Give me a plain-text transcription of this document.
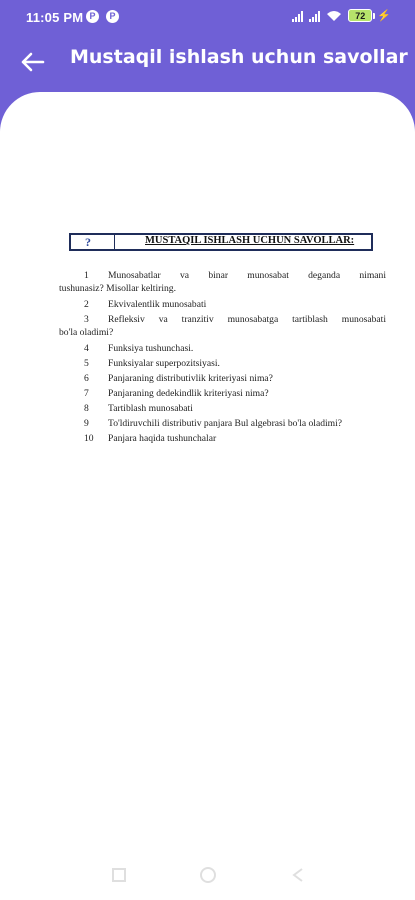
11:05 PM P	P	72	⚡
Mustaqil ishlash uchun savollar
?	MUSTAQIL ISHLASH UCHUN SAVOLLAR:
1 Munosabatlar va binar munosabat deganda nimani
tushunasiz? Misollar keltiring.
2 Ekvivalentlik munosabati
3 Refleksiv va tranzitiv munosabatga tartiblash munosabati
bo'la oladimi?
4 Funksiya tushunchasi.
5 Funksiyalar superpozitsiyasi.
6 Panjaraning distributivlik kriteriyasi nima?
7 Panjaraning dedekindlik kriteriyasi nima?
8 Tartiblash munosabati
9 To'ldiruvchili distributiv panjara Bul algebrasi bo'la oladimi?
10 Panjara haqida tushunchalar
